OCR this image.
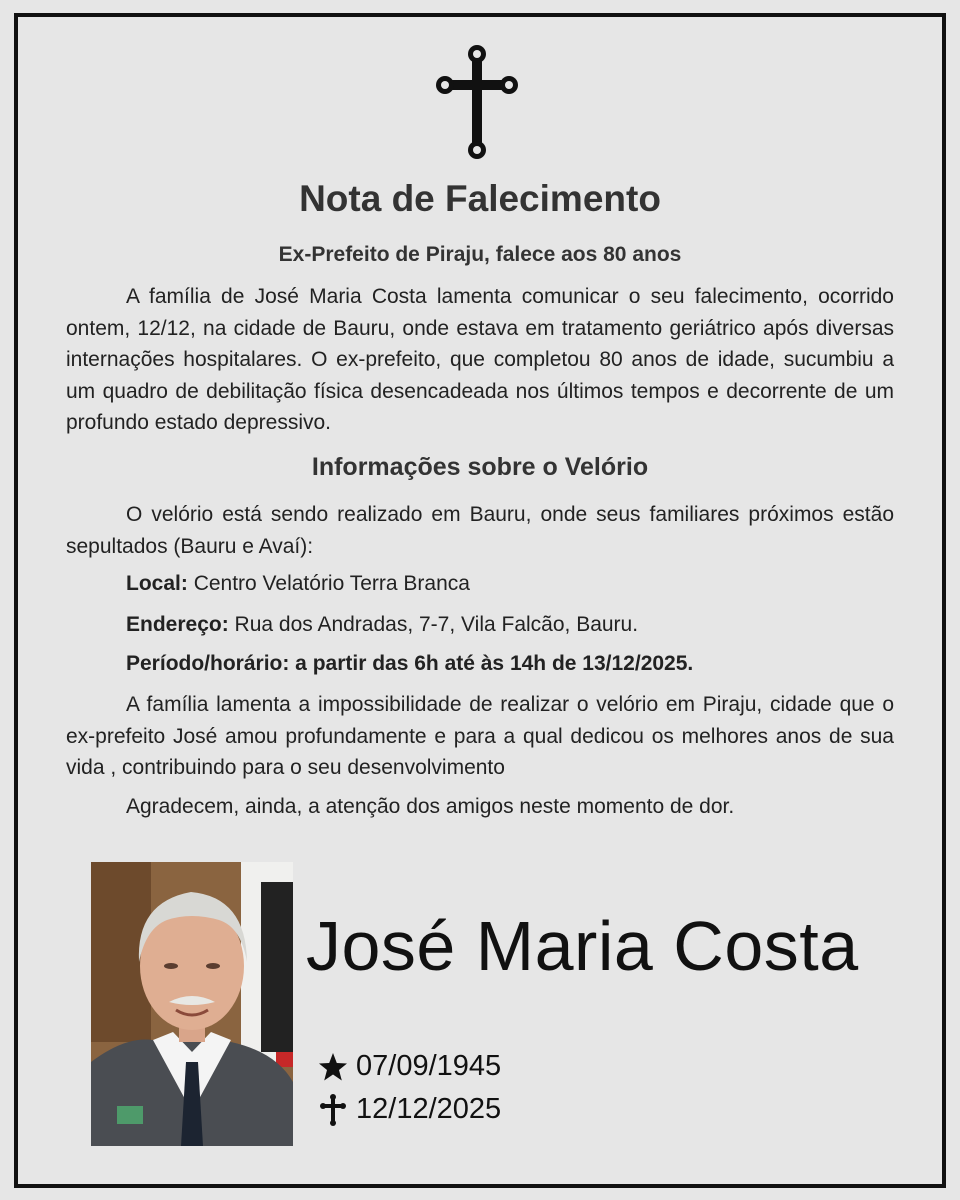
Nota de Falecimento
Ex-Prefeito de Piraju, falece aos 80 anos

A família de José Maria Costa lamenta comunicar o seu falecimento, ocorrido ontem, 12/12, na cidade de Bauru, onde estava em tratamento geriátrico após diversas internações hospitalares. O ex-prefeito, que completou 80 anos de idade, sucumbiu a um quadro de debilitação física desencadeada nos últimos tempos e decorrente de um profundo estado depressivo.

Informações sobre o Velório

O velório está sendo realizado em Bauru, onde seus familiares próximos estão sepultados (Bauru e Avaí):

Local: Centro Velatório Terra Branca
Endereço: Rua dos Andradas, 7-7, Vila Falcão, Bauru.
Período/horário: a partir das 6h até às 14h de 13/12/2025.

A família lamenta a impossibilidade de realizar o velório em Piraju, cidade que o ex-prefeito José amou profundamente e para a qual dedicou os melhores anos de sua vida , contribuindo para o seu desenvolvimento

Agradecem, ainda, a atenção dos amigos neste momento de dor.

José Maria Costa
07/09/1945
12/12/2025
